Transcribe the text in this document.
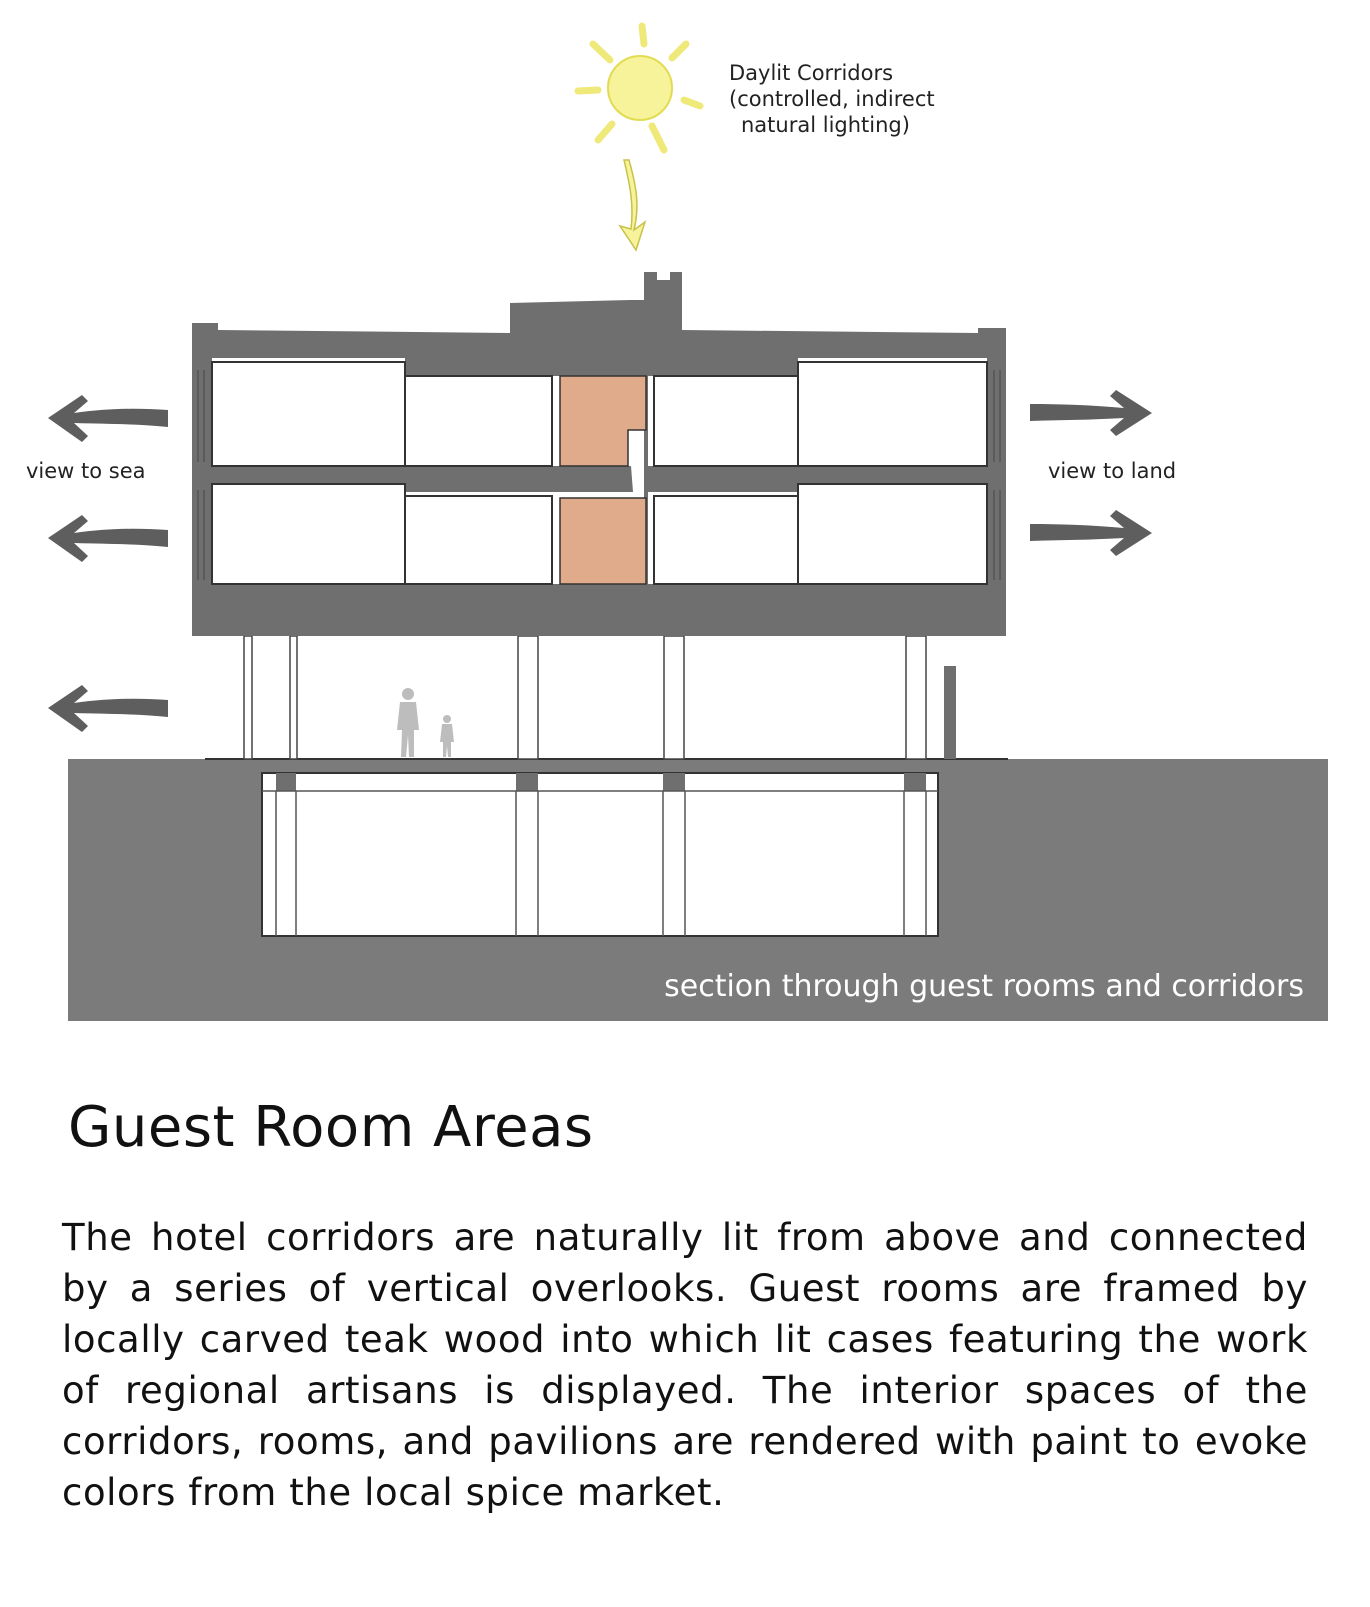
Daylit Corridors
(controlled, indirect
natural lighting)
view to sea	view to land
section through guest rooms and corridors
Guest Room Areas

The hotel corridors are naturally lit from above and connected by a series of vertical overlooks. Guest rooms are framed by locally carved teak wood into which lit cases featuring the work of regional artisans is displayed. The interior spaces of the corridors, rooms, and pavilions are rendered with paint to evoke colors from the local spice market.
